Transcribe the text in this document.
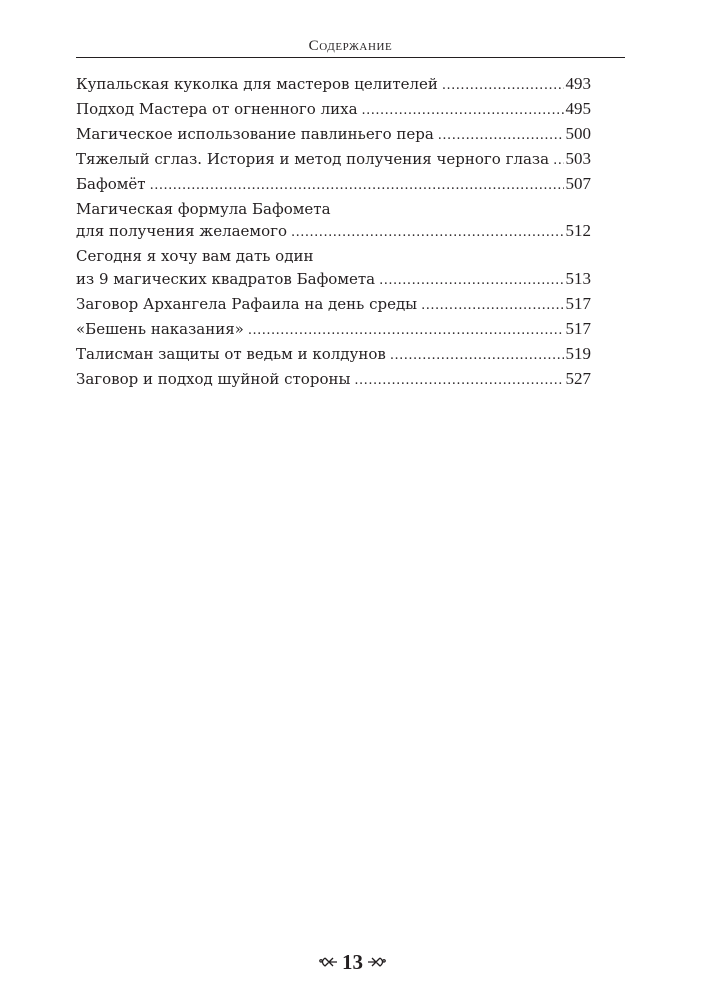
Содержание
Купальская куколка для мастеров целителей .....	493
Подход Мастера от огненного лиха .....	495
Магическое использование павлиньего пера .....	500
Тяжелый сглаз. История и метод получения черного глаза ..... 503
Бафомёт .....	507
Магическая формула Бафомета
для получения желаемого .....	512
Сегодня я хочу вам дать один
из 9 магических квадратов Бафомета .....	513
Заговор Архангела Рафаила на день среды .....	517
«Бешень наказания» .....	517
Талисман защиты от ведьм и колдунов .....	519
Заговор и подход шуйной стороны .....	527
13
